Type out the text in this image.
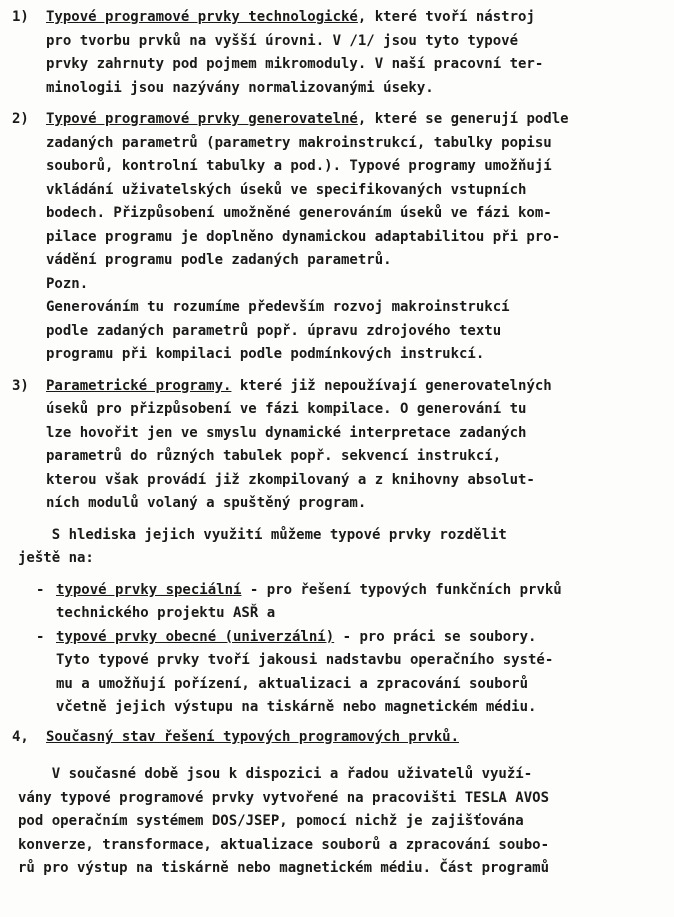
1) Typové programové prvky technologické, které tvoří nástroj
pro tvorbu prvků na vyšší úrovni. V /1/ jsou tyto typové
prvky zahrnuty pod pojmem mikromoduly. V naší pracovní ter-
minologii jsou nazývány normalizovanými úseky.
2) Typové programové prvky generovatelné, které se generují podle
zadaných parametrů (parametry makroinstrukcí, tabulky popisu
souborů, kontrolní tabulky a pod.). Typové programy umožňují
vkládání uživatelských úseků ve specifikovaných vstupních
bodech. Přizpůsobení umožněné generováním úseků ve fázi kom-
pilace programu je doplněno dynamickou adaptabilitou při pro-
vádění programu podle zadaných parametrů.
Pozn.
Generováním tu rozumíme především rozvoj makroinstrukcí
podle zadaných parametrů popř. úpravu zdrojového textu
programu při kompilaci podle podmínkových instrukcí.
3) Parametrické programy. které již nepoužívají generovatelných
úseků pro přizpůsobení ve fázi kompilace. O generování tu
lze hovořit jen ve smyslu dynamické interpretace zadaných
parametrů do různých tabulek popř. sekvencí instrukcí,
kterou však provádí již zkompilovaný a z knihovny absolut-
ních modulů volaný a spuštěný program.
S hlediska jejich využití můžeme typové prvky rozdělit
ještě na:
- typové prvky speciální - pro řešení typových funkčních prvků
technického projektu ASŘ a
- typové prvky obecné (univerzální) - pro práci se soubory.
Tyto typové prvky tvoří jakousi nadstavbu operačního systé-
mu a umožňují pořízení, aktualizaci a zpracování souborů
včetně jejich výstupu na tiskárně nebo magnetickém médiu.
4, Současný stav řešení typových programových prvků.
V současné době jsou k dispozici a řadou uživatelů využí-
vány typové programové prvky vytvořené na pracovišti TESLA AVOS
pod operačním systémem DOS/JSEP, pomocí nichž je zajišťována
konverze, transformace, aktualizace souborů a zpracování soubo-
rů pro výstup na tiskárně nebo magnetickém médiu. Část programů
